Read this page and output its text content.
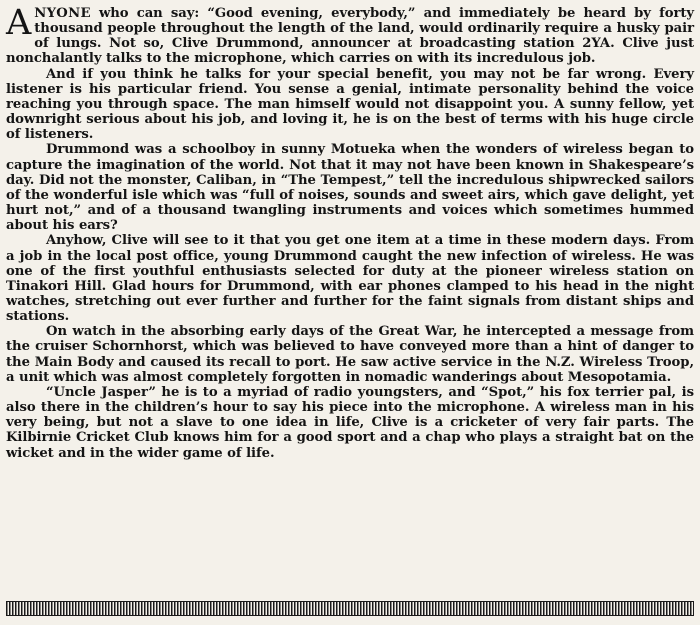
ANYONE who can say: “Good evening, everybody,” and immediately be heard by forty thousand people throughout the length of the land, would ordinarily require a husky pair of lungs. Not so, Clive Drummond, announcer at broadcasting station 2YA. Clive just nonchalantly talks to the microphone, which carries on with its incredulous job.

And if you think he talks for your special benefit, you may not be far wrong. Every listener is his particular friend. You sense a genial, intimate personality behind the voice reaching you through space. The man himself would not disappoint you. A sunny fellow, yet downright serious about his job, and loving it, he is on the best of terms with his huge circle of listeners.

Drummond was a schoolboy in sunny Motueka when the wonders of wireless began to capture the imagination of the world. Not that it may not have been known in Shakespeare’s day. Did not the monster, Caliban, in “The Tempest,” tell the incredulous shipwrecked sailors of the wonderful isle which was “full of noises, sounds and sweet airs, which gave delight, yet hurt not,” and of a thousand twangling instruments and voices which sometimes hummed about his ears?

Anyhow, Clive will see to it that you get one item at a time in these modern days. From a job in the local post office, young Drummond caught the new infection of wireless. He was one of the first youthful enthusiasts selected for duty at the pioneer wireless station on Tinakori Hill. Glad hours for Drummond, with ear phones clamped to his head in the night watches, stretching out ever further and further for the faint signals from distant ships and stations.

On watch in the absorbing early days of the Great War, he intercepted a message from the cruiser Schornhorst, which was believed to have conveyed more than a hint of danger to the Main Body and caused its recall to port. He saw active service in the N.Z. Wireless Troop, a unit which was almost completely forgotten in nomadic wanderings about Mesopotamia.

“Uncle Jasper” he is to a myriad of radio youngsters, and “Spot,” his fox terrier pal, is also there in the children’s hour to say his piece into the microphone. A wireless man in his very being, but not a slave to one idea in life, Clive is a cricketer of very fair parts. The Kilbirnie Cricket Club knows him for a good sport and a chap who plays a straight bat on the wicket and in the wider game of life.
